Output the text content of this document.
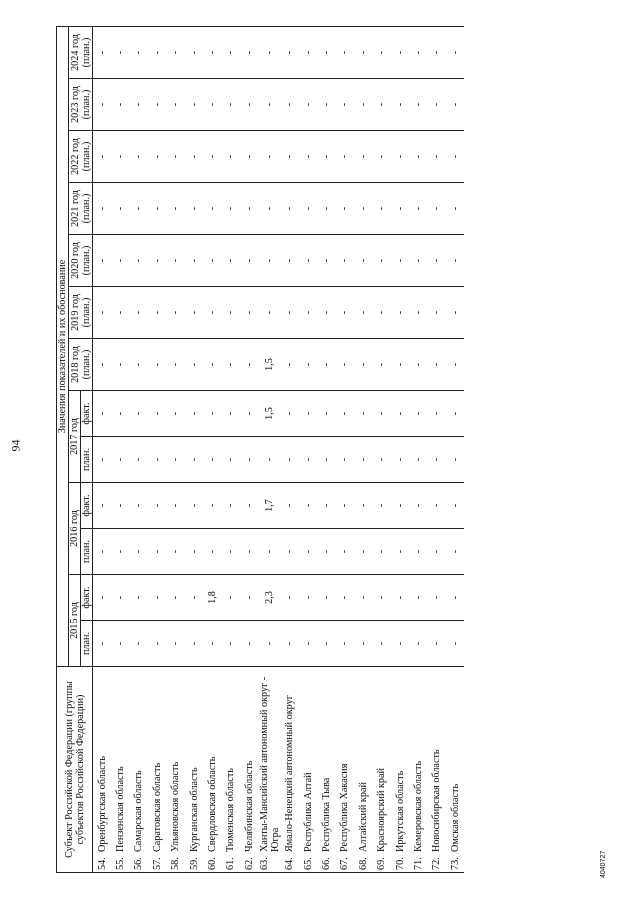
94
4040727
Субъект Российской Федерации (группы субъектов Российской Федерации)	Значения показателей и их обоснование												
	2015 год		2016 год		2017 год		2018 год (план.)	2019 год (план.)	2020 год (план.)	2021 год (план.)	2022 год (план.)	2023 год (план.)	2024 год (план.)
	план.	факт.	план.	факт.	план.	факт.							

54.
Оренбургская область	-	-	-	-	-	-	-	-	-	-	-	-	-

55.
Пензенская область	-	-	-	-	-	-	-	-	-	-	-	-	-

56.
Самарская область	-	-	-	-	-	-	-	-	-	-	-	-	-

57.
Саратовская область	-	-	-	-	-	-	-	-	-	-	-	-	-

58.
Ульяновская область	-	-	-	-	-	-	-	-	-	-	-	-	-

59.
Курганская область	-	-	-	-	-	-	-	-	-	-	-	-	-

60.
Свердловская область	-	1,8	-	-	-	-	-	-	-	-	-	-	-

61.
Тюменская область	-	-	-	-	-	-	-	-	-	-	-	-	-

62.
Челябинская область	-	-	-	-	-	-	-	-	-	-	-	-	-

63.
Ханты-Мансийский автономный округ - Югра	-	2,3	-	1,7	-	1,5	1,5	-	-	-	-	-	-

64.
Ямало-Ненецкий автономный округ	-	-	-	-	-	-	-	-	-	-	-	-	-

65.
Республика Алтай	-	-	-	-	-	-	-	-	-	-	-	-	-

66.
Республика Тыва	-	-	-	-	-	-	-	-	-	-	-	-	-

67.
Республика Хакасия	-	-	-	-	-	-	-	-	-	-	-	-	-

68.
Алтайский край	-	-	-	-	-	-	-	-	-	-	-	-	-

69.
Красноярский край	-	-	-	-	-	-	-	-	-	-	-	-	-

70.
Иркутская область	-	-	-	-	-	-	-	-	-	-	-	-	-

71.
Кемеровская область	-	-	-	-	-	-	-	-	-	-	-	-	-

72.
Новосибирская область	-	-	-	-	-	-	-	-	-	-	-	-	-

73.
Омская область	-	-	-	-	-	-	-	-	-	-	-	-	-
